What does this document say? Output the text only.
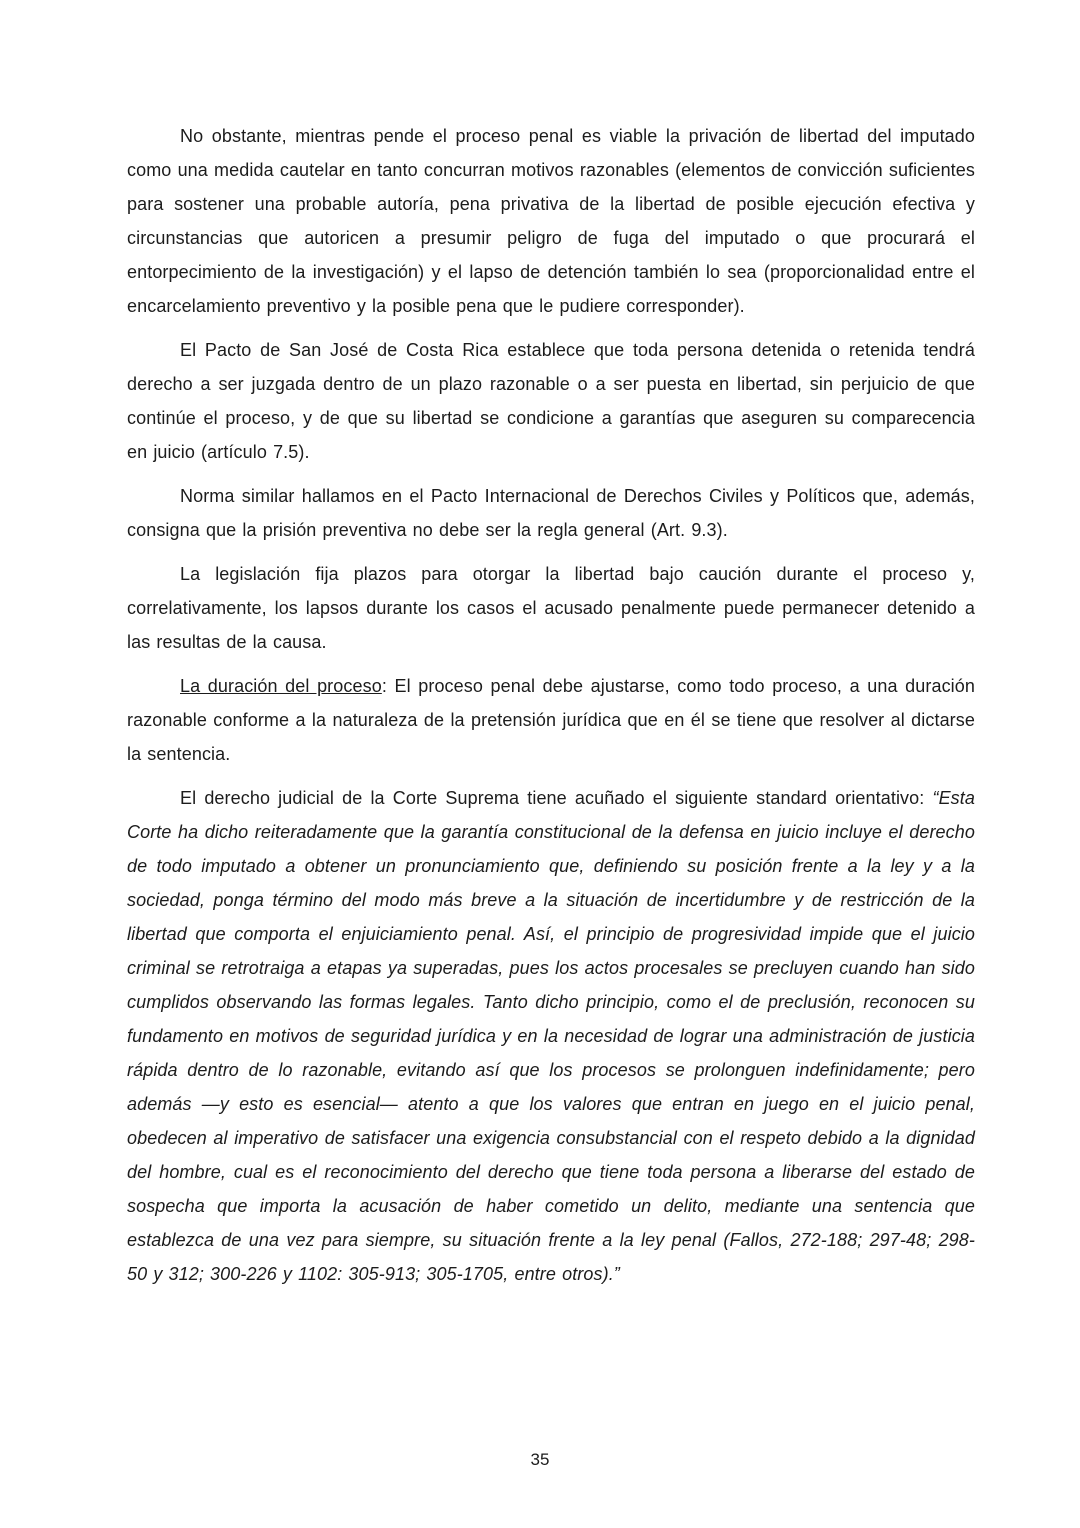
No obstante, mientras pende el proceso penal es viable la privación de libertad del imputado como una medida cautelar en tanto concurran motivos razonables (elementos de convicción suficientes para sostener una probable autoría, pena privativa de la libertad de posible ejecución efectiva y circunstancias que autoricen a presumir peligro de fuga del imputado o que procurará el entorpecimiento de la investigación) y el lapso de detención también lo sea (proporcionalidad entre el encarcelamiento preventivo y la posible pena que le pudiere corresponder).

El Pacto de San José de Costa Rica establece que toda persona detenida o retenida tendrá derecho a ser juzgada dentro de un plazo razonable o a ser puesta en libertad, sin perjuicio de que continúe el proceso, y de que su libertad se condicione a garantías que aseguren su comparecencia en juicio (artículo 7.5).

Norma similar hallamos en el Pacto Internacional de Derechos Civiles y Políticos que, además, consigna que la prisión preventiva no debe ser la regla general (Art. 9.3).

La legislación fija plazos para otorgar la libertad bajo caución durante el proceso y, correlativamente, los lapsos durante los casos el acusado penalmente puede permanecer detenido a las resultas de la causa.

La duración del proceso: El proceso penal debe ajustarse, como todo proceso, a una duración razonable conforme a la naturaleza de la pretensión jurídica que en él se tiene que resolver al dictarse la sentencia.

El derecho judicial de la Corte Suprema tiene acuñado el siguiente standard orientativo: “Esta Corte ha dicho reiteradamente que la garantía constitucional de la defensa en juicio incluye el derecho de todo imputado a obtener un pronunciamiento que, definiendo su posición frente a la ley y a la sociedad, ponga término del modo más breve a la situación de incertidumbre y de restricción de la libertad que comporta el enjuiciamiento penal. Así, el principio de progresividad impide que el juicio criminal se retrotraiga a etapas ya superadas, pues los actos procesales se precluyen cuando han sido cumplidos observando las formas legales. Tanto dicho principio, como el de preclusión, reconocen su fundamento en motivos de seguridad jurídica y en la necesidad de lograr una administración de justicia rápida dentro de lo razonable, evitando así que los procesos se prolonguen indefinidamente; pero además —y esto es esencial— atento a que los valores que entran en juego en el juicio penal, obedecen al imperativo de satisfacer una exigencia consubstancial con el respeto debido a la dignidad del hombre, cual es el reconocimiento del derecho que tiene toda persona a liberarse del estado de sospecha que importa la acusación de haber cometido un delito, mediante una sentencia que establezca de una vez para siempre, su situación frente a la ley penal (Fallos, 272-188; 297-48; 298-50 y 312; 300-226 y 1102: 305-913; 305-1705, entre otros).”

35
